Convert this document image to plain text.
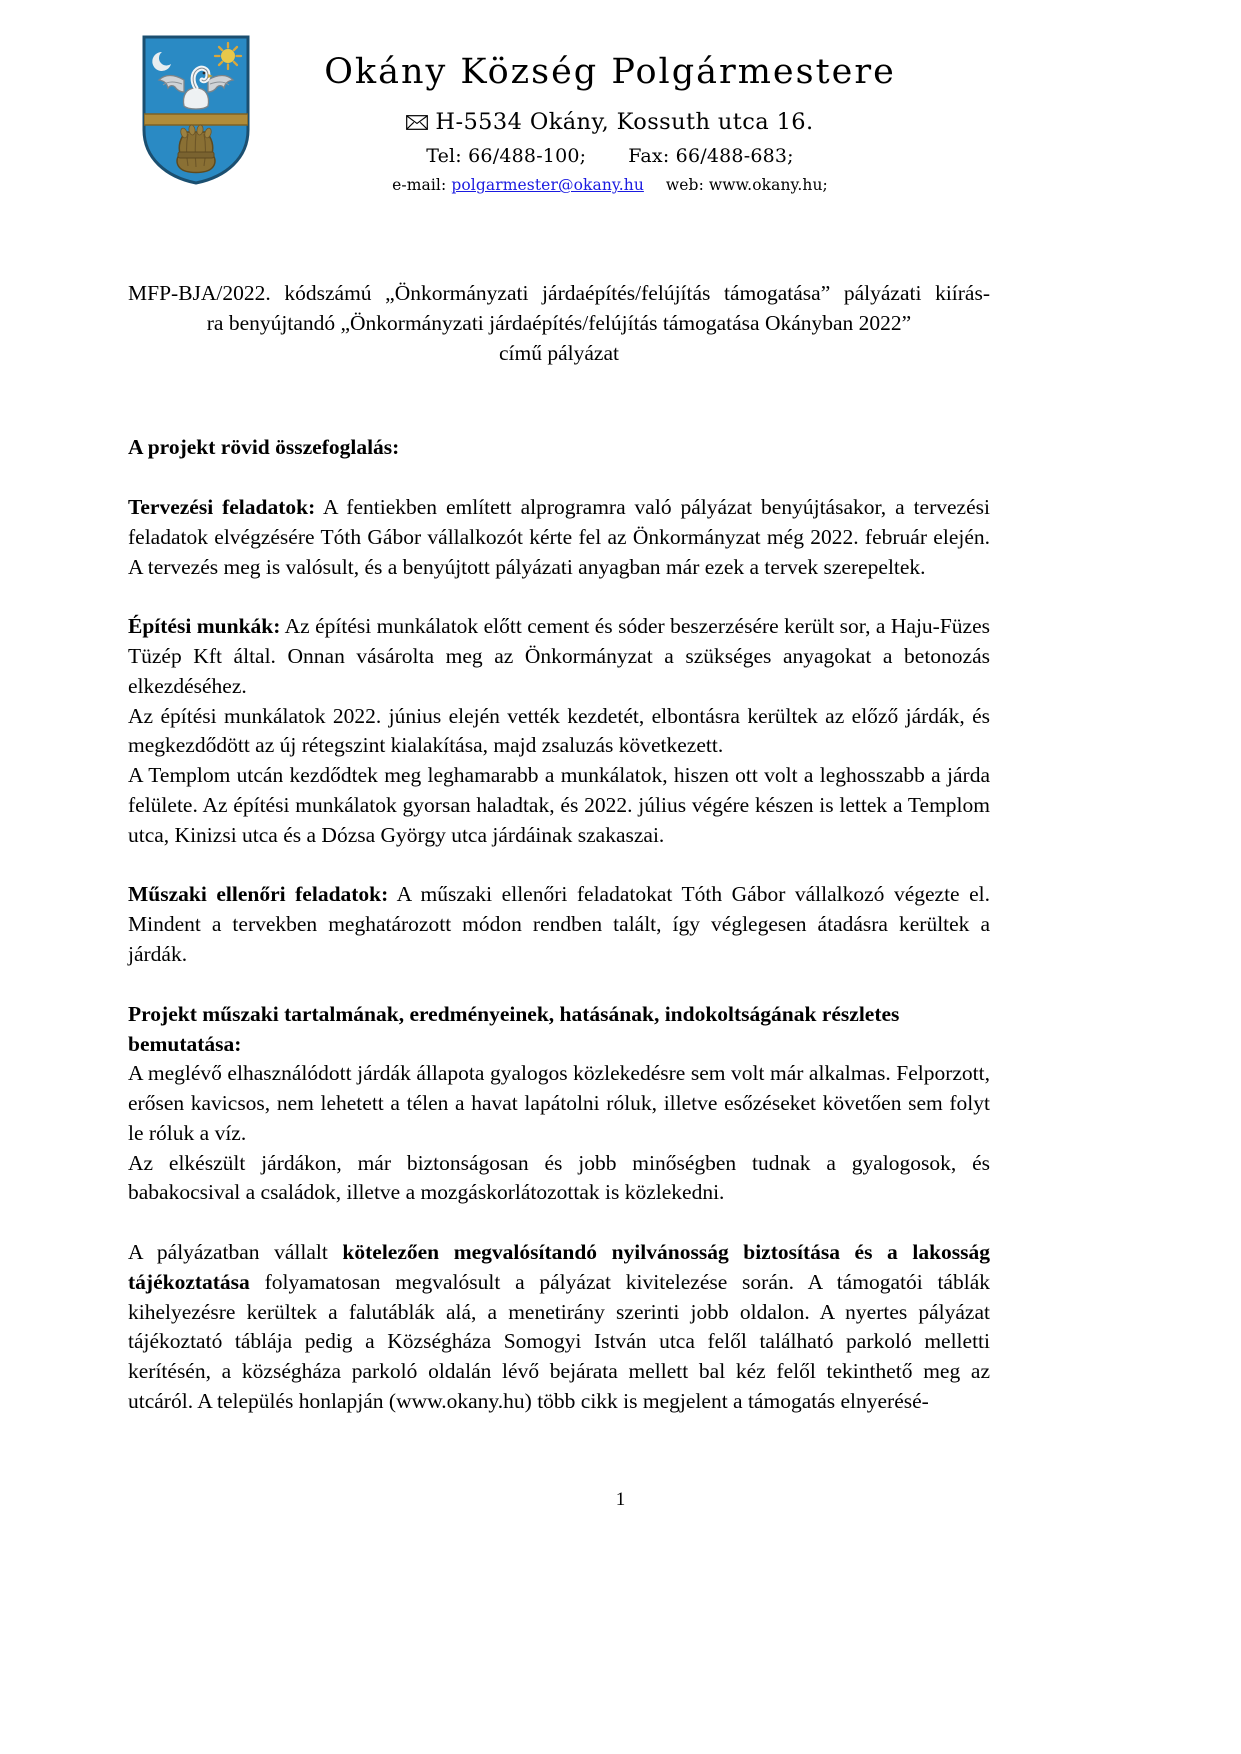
Okány Község Polgármestere
H-5534 Okány, Kossuth utca 16.
Tel: 66/488-100; Fax: 66/488-683;
e-mail: polgarmester@okany.hu web: www.okany.hu;
MFP-BJA/2022. kódszámú „Önkormányzati járdaépítés/felújítás támogatása” pályázati kiírás-
ra benyújtandó „Önkormányzati járdaépítés/felújítás támogatása Okányban 2022”
című pályázat

A projekt rövid összefoglalás:

Tervezési feladatok: A fentiekben említett alprogramra való pályázat benyújtásakor, a tervezési feladatok elvégzésére Tóth Gábor vállalkozót kérte fel az Önkormányzat még 2022. február elején. A tervezés meg is valósult, és a benyújtott pályázati anyagban már ezek a tervek szerepeltek.

Építési munkák: Az építési munkálatok előtt cement és sóder beszerzésére került sor, a Haju-Füzes Tüzép Kft által. Onnan vásárolta meg az Önkormányzat a szükséges anyagokat a betonozás elkezdéséhez.

Az építési munkálatok 2022. június elején vették kezdetét, elbontásra kerültek az előző járdák, és megkezdődött az új rétegszint kialakítása, majd zsaluzás következett.

A Templom utcán kezdődtek meg leghamarabb a munkálatok, hiszen ott volt a leghosszabb a járda felülete. Az építési munkálatok gyorsan haladtak, és 2022. július végére készen is lettek a Templom utca, Kinizsi utca és a Dózsa György utca járdáinak szakaszai.

Műszaki ellenőri feladatok: A műszaki ellenőri feladatokat Tóth Gábor vállalkozó végezte el. Mindent a tervekben meghatározott módon rendben talált, így véglegesen átadásra kerültek a járdák.

Projekt műszaki tartalmának, eredményeinek, hatásának, indokoltságának részletes

bemutatása:

A meglévő elhasználódott járdák állapota gyalogos közlekedésre sem volt már alkalmas. Felporzott, erősen kavicsos, nem lehetett a télen a havat lapátolni róluk, illetve esőzéseket követően sem folyt le róluk a víz.

Az elkészült járdákon, már biztonságosan és jobb minőségben tudnak a gyalogosok, és babakocsival a családok, illetve a mozgáskorlátozottak is közlekedni.

A pályázatban vállalt kötelezően megvalósítandó nyilvánosság biztosítása és a lakosság tájékoztatása folyamatosan megvalósult a pályázat kivitelezése során. A támogatói táblák kihelyezésre kerültek a falutáblák alá, a menetirány szerinti jobb oldalon. A nyertes pályázat tájékoztató táblája pedig a Községháza Somogyi István utca felől található parkoló melletti kerítésén, a községháza parkoló oldalán lévő bejárata mellett bal kéz felől tekinthető meg az utcáról. A település honlapján (www.okany.hu) több cikk is megjelent a támogatás elnyerésé-

1
